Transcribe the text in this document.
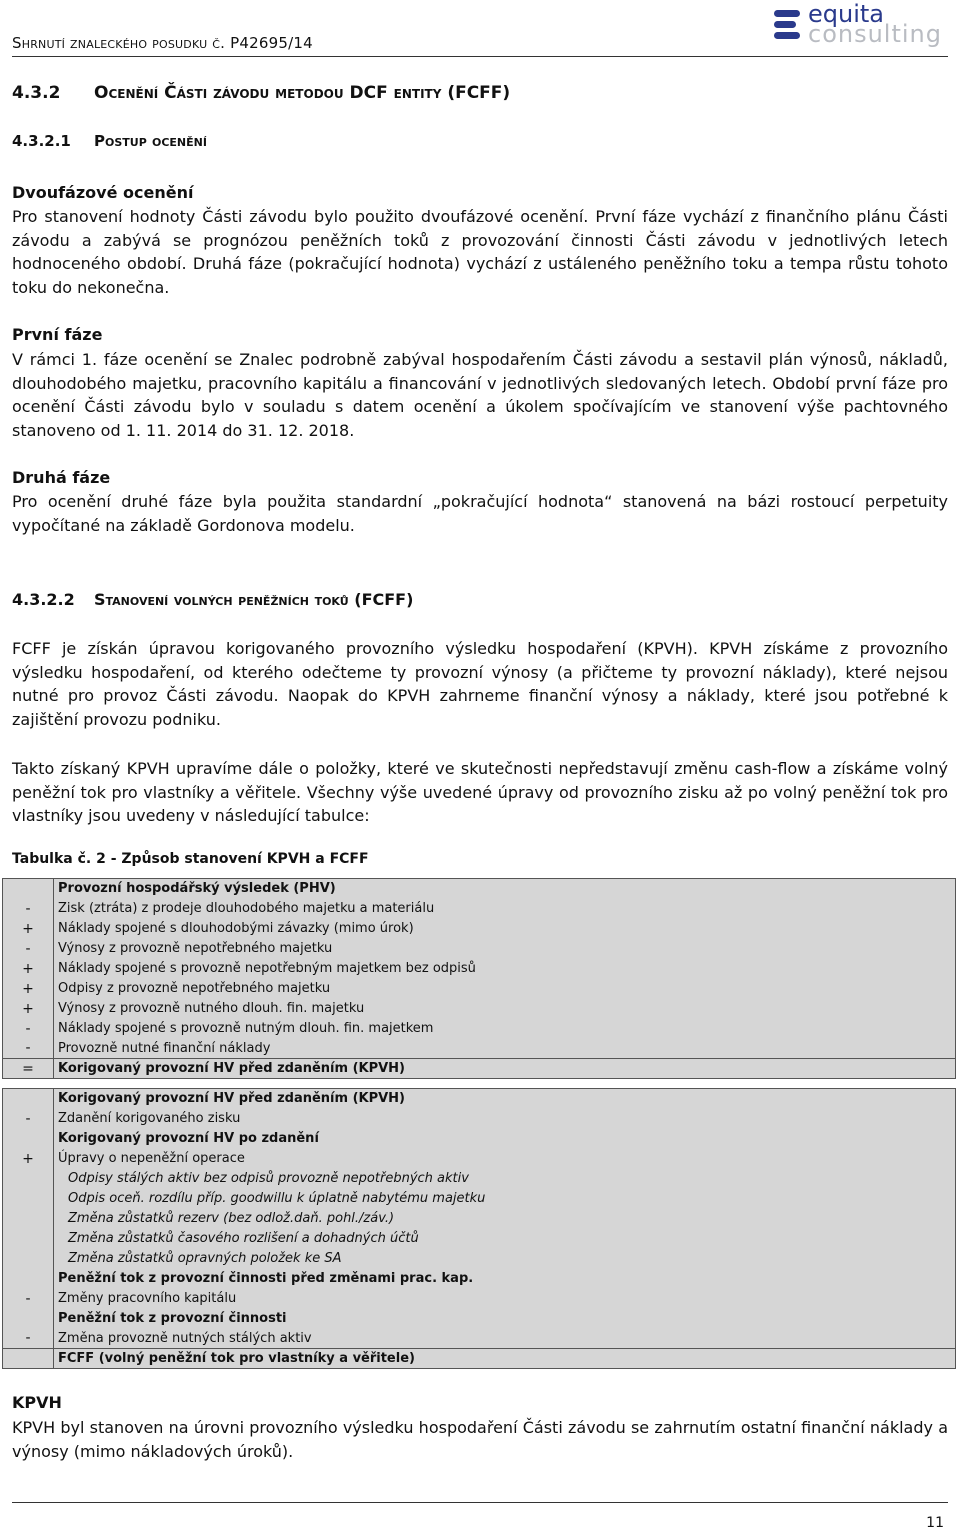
Shrnutí znaleckého posudku č. P42695/14
equita
consulting
4.3.2 Ocenění Části závodu metodou DCF entity (FCFF)
4.3.2.1 Postup ocenění
Dvoufázové ocenění
Pro stanovení hodnoty Části závodu bylo použito dvoufázové ocenění. První fáze vychází z finančního plánu Části závodu a zabývá se prognózou peněžních toků z provozování činnosti Části závodu v jednotlivých letech hodnoceného období. Druhá fáze (pokračující hodnota) vychází z ustáleného peněžního toku a tempa růstu tohoto toku do nekonečna.
První fáze
V rámci 1. fáze ocenění se Znalec podrobně zabýval hospodařením Části závodu a sestavil plán výnosů, nákladů, dlouhodobého majetku, pracovního kapitálu a financování v jednotlivých sledovaných letech. Období první fáze pro ocenění Části závodu bylo v souladu s datem ocenění a úkolem spočívajícím ve stanovení výše pachtovného stanoveno od 1. 11. 2014 do 31. 12. 2018.
Druhá fáze
Pro ocenění druhé fáze byla použita standardní „pokračující hodnota“ stanovená na bázi rostoucí perpetuity vypočítané na základě Gordonova modelu.
4.3.2.2 Stanovení volných peněžních toků (FCFF)
FCFF je získán úpravou korigovaného provozního výsledku hospodaření (KPVH). KPVH získáme z provozního výsledku hospodaření, od kterého odečteme ty provozní výnosy (a přičteme ty provozní náklady), které nejsou nutné pro provoz Části závodu. Naopak do KPVH zahrneme finanční výnosy a náklady, které jsou potřebné k zajištění provozu podniku.
Takto získaný KPVH upravíme dále o položky, které ve skutečnosti nepředstavují změnu cash-flow a získáme volný peněžní tok pro vlastníky a věřitele. Všechny výše uvedené úpravy od provozního zisku až po volný peněžní tok pro vlastníky jsou uvedeny v následující tabulce:
Tabulka č. 2 - Způsob stanovení KPVH a FCFF
	Provozní hospodářský výsledek (PHV)
-	Zisk (ztráta) z prodeje dlouhodobého majetku a materiálu
+	Náklady spojené s dlouhodobými závazky (mimo úrok)
-	Výnosy z provozně nepotřebného majetku
+	Náklady spojené s provozně nepotřebným majetkem bez odpisů
+	Odpisy z provozně nepotřebného majetku
+	Výnosy z provozně nutného dlouh. fin. majetku
-	Náklady spojené s provozně nutným dlouh. fin. majetkem
-	Provozně nutné finanční náklady
=	Korigovaný provozní HV před zdaněním (KPVH)

	Korigovaný provozní HV před zdaněním (KPVH)
-	Zdanění korigovaného zisku
	Korigovaný provozní HV po zdanění
+	Úpravy o nepeněžní operace
	Odpisy stálých aktiv bez odpisů provozně nepotřebných aktiv
	Odpis oceň. rozdílu příp. goodwillu k úplatně nabytému majetku
	Změna zůstatků rezerv (bez odlož.daň. pohl./záv.)
	Změna zůstatků časového rozlišení a dohadných účtů
	Změna zůstatků opravných položek ke SA
	Peněžní tok z provozní činnosti před změnami prac. kap.
-	Změny pracovního kapitálu
	Peněžní tok z provozní činnosti
-	Změna provozně nutných stálých aktiv
	FCFF (volný peněžní tok pro vlastníky a věřitele)
KPVH
KPVH byl stanoven na úrovni provozního výsledku hospodaření Části závodu se zahrnutím ostatní finanční náklady a výnosy (mimo nákladových úroků).
11
